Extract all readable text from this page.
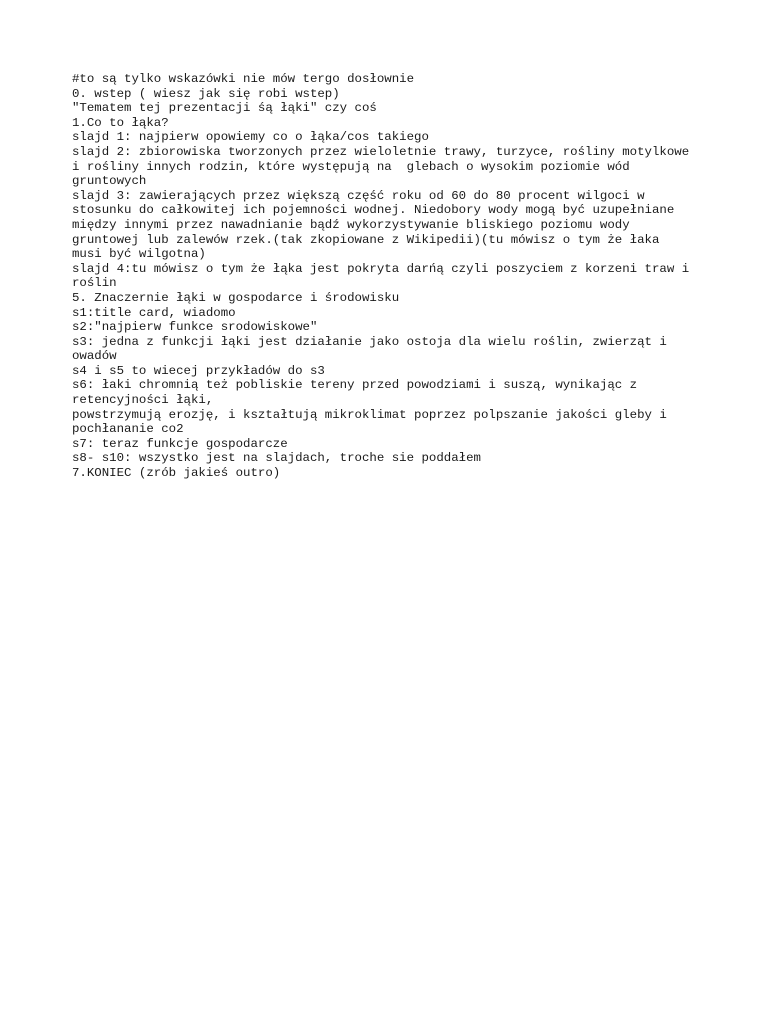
#to są tylko wskazówki nie mów tergo dosłownie
0. wstep ( wiesz jak się robi wstep)
"Tematem tej prezentacji śą łąki" czy coś
1.Co to łąka?
slajd 1: najpierw opowiemy co o łąka/cos takiego
slajd 2: zbiorowiska tworzonych przez wieloletnie trawy, turzyce, rośliny motylkowe
i rośliny innych rodzin, które występują na  glebach o wysokim poziomie wód
gruntowych
slajd 3: zawierających przez większą część roku od 60 do 80 procent wilgoci w
stosunku do całkowitej ich pojemności wodnej. Niedobory wody mogą być uzupełniane
między innymi przez nawadnianie bądź wykorzystywanie bliskiego poziomu wody
gruntowej lub zalewów rzek.(tak zkopiowane z Wikipedii)(tu mówisz o tym że łaka
musi być wilgotna)
slajd 4:tu mówisz o tym że łąka jest pokryta darńą czyli poszyciem z korzeni traw i
roślin
5. Znaczernie łąki w gospodarce i środowisku
s1:title card, wiadomo
s2:"najpierw funkce srodowiskowe"
s3: jedna z funkcji łąki jest działanie jako ostoja dla wielu roślin, zwierząt i
owadów
s4 i s5 to wiecej przykładów do s3
s6: łaki chromnią też pobliskie tereny przed powodziami i suszą, wynikając z
retencyjności łąki,
powstrzymują erozję, i kształtują mikroklimat poprzez polpszanie jakości gleby i
pochłananie co2
s7: teraz funkcje gospodarcze
s8- s10: wszystko jest na slajdach, troche sie poddałem
7.KONIEC (zrób jakieś outro)
